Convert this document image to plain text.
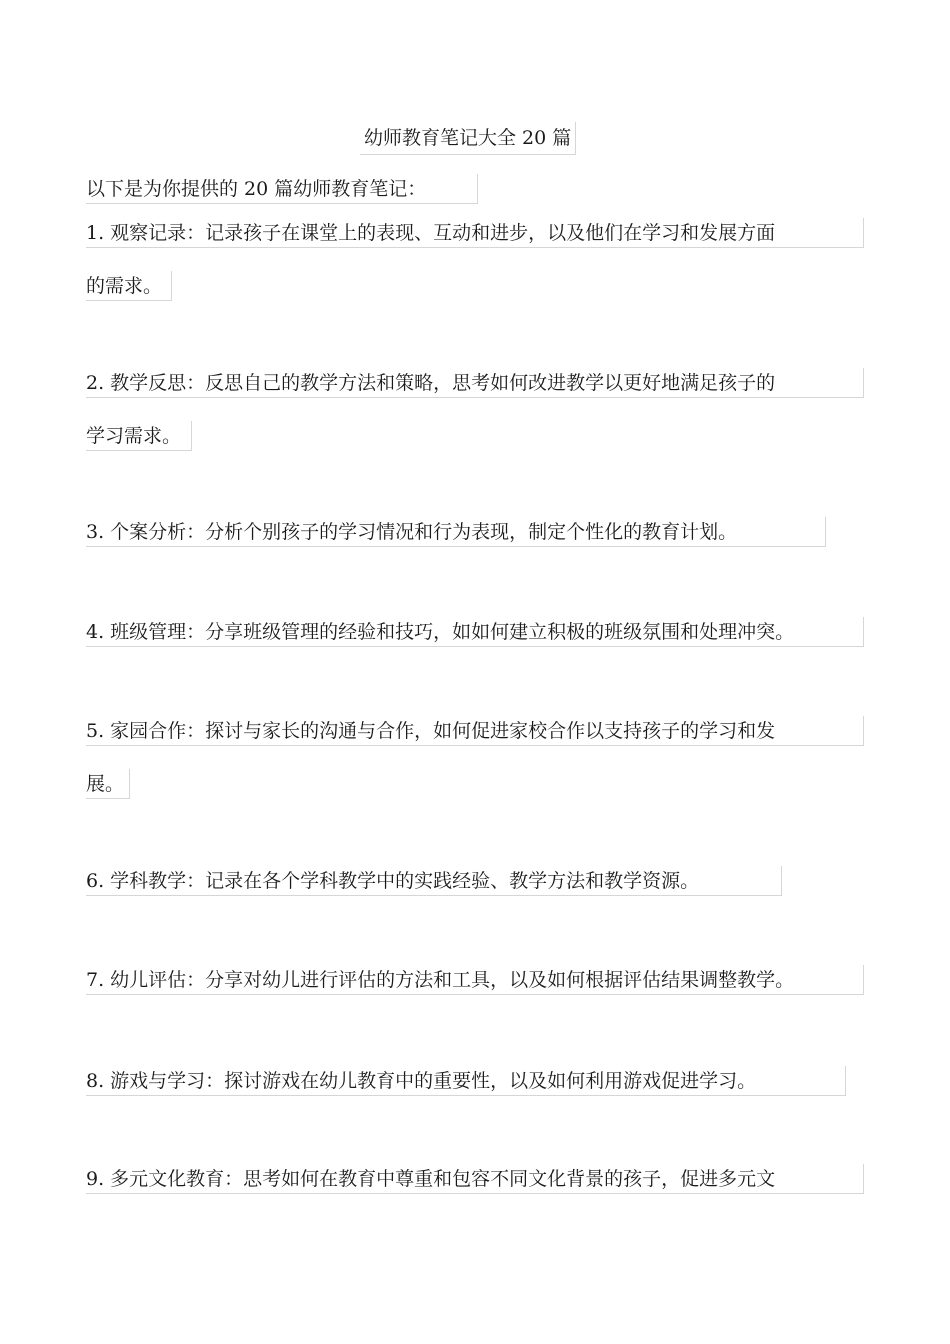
幼师教育笔记大全 20 篇
以下是为你提供的 20 篇幼师教育笔记：
1. 观察记录：记录孩子在课堂上的表现、互动和进步，以及他们在学习和发展方面
的需求。
2. 教学反思：反思自己的教学方法和策略，思考如何改进教学以更好地满足孩子的
学习需求。
3. 个案分析：分析个别孩子的学习情况和行为表现，制定个性化的教育计划。
4. 班级管理：分享班级管理的经验和技巧，如如何建立积极的班级氛围和处理冲突。
5. 家园合作：探讨与家长的沟通与合作，如何促进家校合作以支持孩子的学习和发
展。
6. 学科教学：记录在各个学科教学中的实践经验、教学方法和教学资源。
7. 幼儿评估：分享对幼儿进行评估的方法和工具，以及如何根据评估结果调整教学。
8. 游戏与学习：探讨游戏在幼儿教育中的重要性，以及如何利用游戏促进学习。
9. 多元文化教育：思考如何在教育中尊重和包容不同文化背景的孩子，促进多元文
